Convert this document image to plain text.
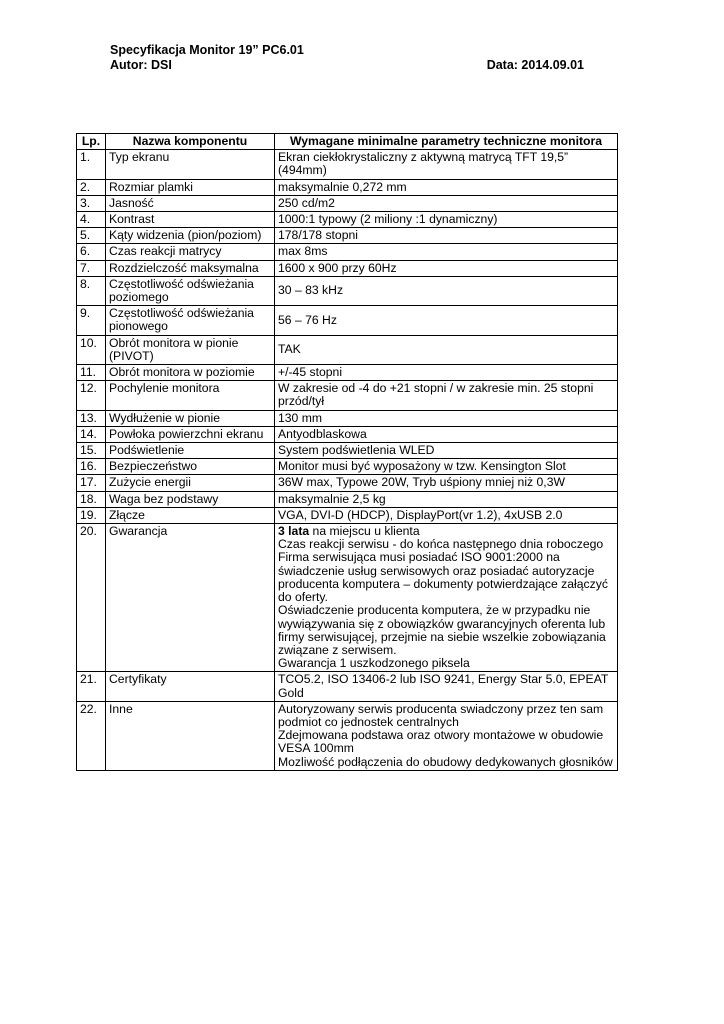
Specyfikacja Monitor 19” PC6.01
Autor: DSI	Data: 2014.09.01
Lp.	Nazwa komponentu	Wymagane minimalne parametry techniczne monitora
1.	Typ ekranu	Ekran ciekłokrystaliczny z aktywną matrycą TFT 19,5” (494mm)
2.	Rozmiar plamki	maksymalnie 0,272 mm
3.	Jasność	250 cd/m2
4.	Kontrast	1000:1 typowy (2 miliony :1 dynamiczny)
5.	Kąty widzenia (pion/poziom)	178/178 stopni
6.	Czas reakcji matrycy	max 8ms
7.	Rozdzielczość maksymalna	1600 x 900 przy 60Hz
8.	Częstotliwość odświeżania poziomego	30 – 83 kHz
9.	Częstotliwość odświeżania pionowego	56 – 76 Hz
10.	Obrót monitora w pionie (PIVOT)	TAK
11.	Obrót monitora w poziomie	+/-45 stopni
12.	Pochylenie monitora	W zakresie od -4 do +21 stopni / w zakresie min. 25 stopni przód/tył
13.	Wydłużenie w pionie	130 mm
14.	Powłoka powierzchni ekranu	Antyodblaskowa
15.	Podświetlenie	System podświetlenia WLED
16.	Bezpieczeństwo	Monitor musi być wyposażony w tzw. Kensington Slot
17.	Zużycie energii	36W max, Typowe 20W, Tryb uśpiony mniej niż 0,3W
18.	Waga bez podstawy	maksymalnie 2,5 kg
19.	Złącze	VGA, DVI-D (HDCP), DisplayPort(vr 1.2), 4xUSB 2.0
20.	Gwarancja	3 lata na miejscu u klienta
Czas reakcji serwisu - do końca następnego dnia roboczego
Firma serwisująca musi posiadać ISO 9001:2000 na świadczenie usług serwisowych oraz posiadać autoryzacje producenta komputera – dokumenty potwierdzające załączyć do oferty.
Oświadczenie producenta komputera, że w przypadku nie wywiązywania się z obowiązków gwarancyjnych oferenta lub firmy serwisującej, przejmie na siebie wszelkie zobowiązania związane z serwisem.
Gwarancja 1 uszkodzonego piksela

21.	Certyfikaty	TCO5.2, ISO 13406-2 lub ISO 9241, Energy Star 5.0, EPEAT Gold
22.	Inne	Autoryzowany serwis producenta swiadczony przez ten sam podmiot co jednostek centralnych
Zdejmowana podstawa oraz otwory montażowe w obudowie VESA 100mm
Mozliwość podłączenia do obudowy dedykowanych głosników
